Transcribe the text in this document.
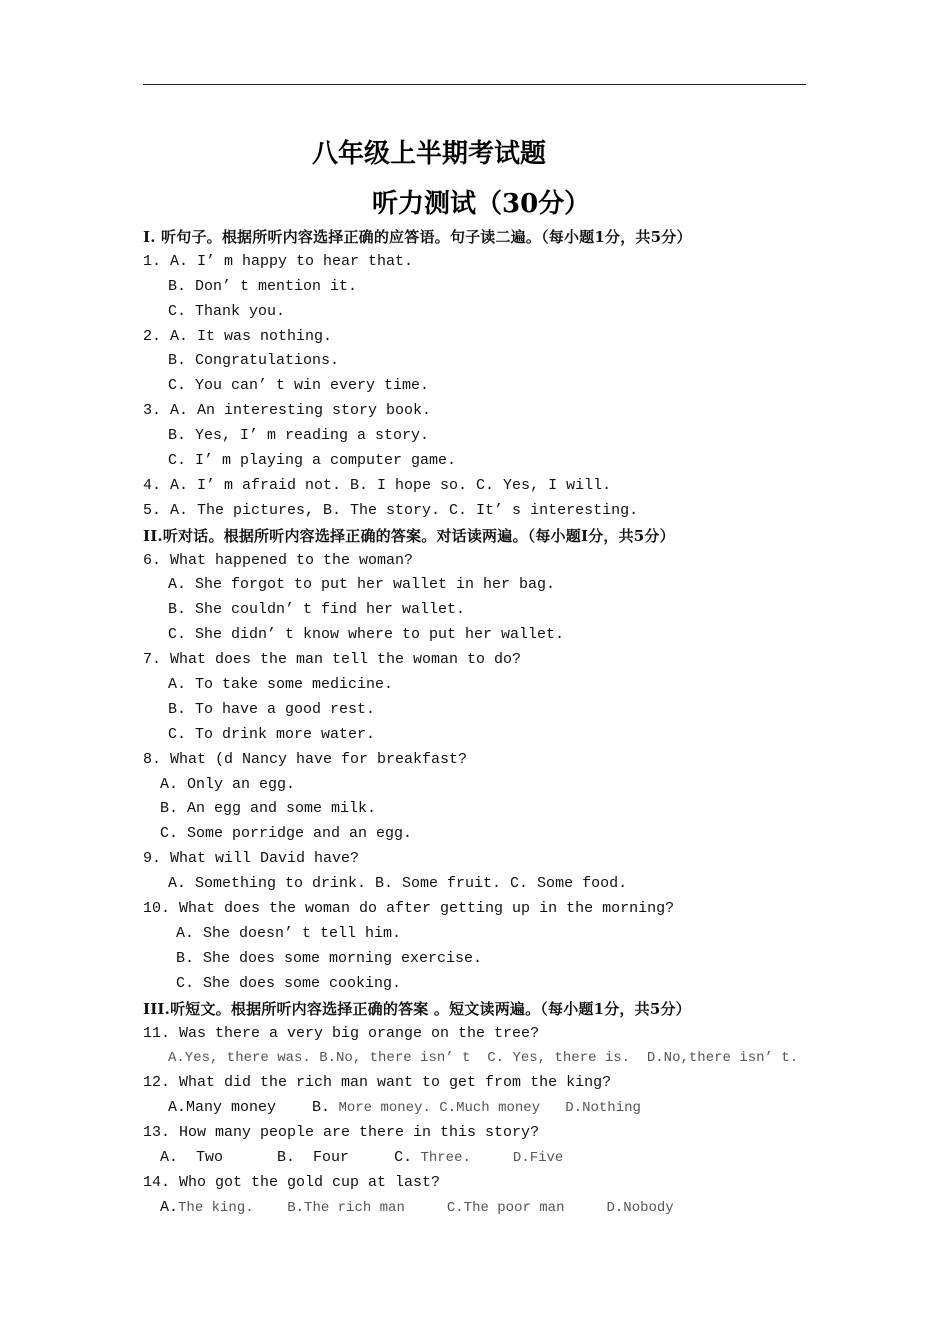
八年级上半期考试题
听力测试（30分）
I. 听句子。根据所听内容选择正确的应答语。句子读二遍。（每小题1分，共5分）
1. A. I’ m happy to hear that.
B. Don’ t mention it.
C. Thank you.
2. A. It was nothing.
B. Congratulations.
C. You can’ t win every time.
3. A. An interesting story book.
B. Yes, I’ m reading a story.
C. I’ m playing a computer game.
4. A. I’ m afraid not. B. I hope so. C. Yes, I will.
5. A. The pictures, B. The story. C. It’ s interesting.
II.听对话。根据所听内容选择正确的答案。对话读两遍。（每小题I分，共5分）
6. What happened to the woman?
A. She forgot to put her wallet in her bag.
B. She couldn’ t find her wallet.
C. She didn’ t know where to put her wallet.
7. What does the man tell the woman to do?
A. To take some medicine.
B. To have a good rest.
C. To drink more water.
8. What (d Nancy have for breakfast?
A. Only an egg.
B. An egg and some milk.
C. Some porridge and an egg.
9. What will David have?
A. Something to drink. B. Some fruit. C. Some food.
10. What does the woman do after getting up in the morning?
A. She doesn’ t tell him.
B. She does some morning exercise.
C. She does some cooking.
III.听短文。根据所听内容选择正确的答案 。短文读两遍。（每小题1分，共5分）
11. Was there a very big orange on the tree?
A.Yes, there was. B.No, there isn’ t  C. Yes, there is.  D.No,there isn’ t.
12. What did the rich man want to get from the king?
A.Many money B. More money. C.Much money   D.Nothing
13. How many people are there in this story?
A.  Two	B.  Four	C. Three.     D.Five
14. Who got the gold cup at last?
A.The king.    B.The rich man     C.The poor man     D.Nobody
